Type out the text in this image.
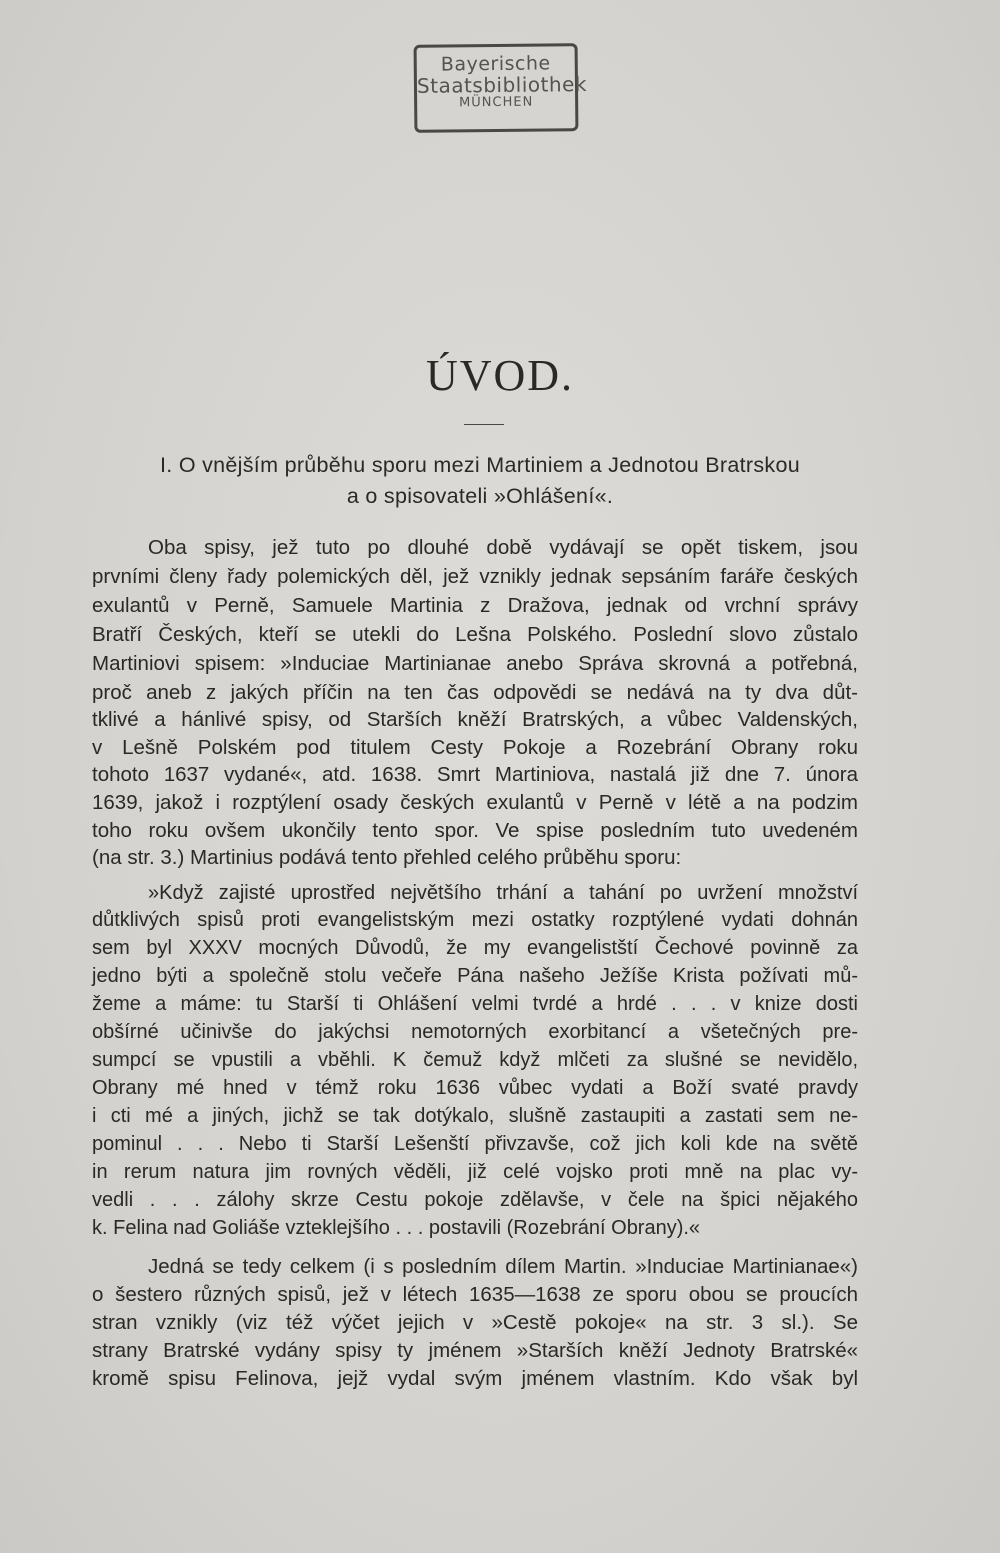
Bayerische
Staatsbibliothek
MÜNCHEN
ÚVOD.
I. O vnějším průběhu sporu mezi Martiniem a Jednotou Bratrskou
a o spisovateli »Ohlášení«.
Oba spisy, jež tuto po dlouhé době vydávají se opět tiskem, jsou
prvními členy řady polemických děl, jež vznikly jednak sepsáním faráře českých
exulantů v Perně, Samuele Martinia z Dražova, jednak od vrchní správy
Bratří Českých, kteří se utekli do Lešna Polského. Poslední slovo zůstalo
Martiniovi spisem: »Induciae Martinianae anebo Správa skrovná a potřebná,
proč aneb z jakých příčin na ten čas odpovědi se nedává na ty dva důt-
tklivé a hánlivé spisy, od Starších kněží Bratrských, a vůbec Valdenských,
v Lešně Polském pod titulem Cesty Pokoje a Rozebrání Obrany roku
tohoto 1637 vydané«, atd. 1638. Smrt Martiniova, nastalá již dne 7. února
1639, jakož i rozptýlení osady českých exulantů v Perně v létě a na podzim
toho roku ovšem ukončily tento spor. Ve spise posledním tuto uvedeném
(na str. 3.) Martinius podává tento přehled celého průběhu sporu:
»Když zajisté uprostřed největšího trhání a tahání po uvržení množství
důtklivých spisů proti evangelistským mezi ostatky rozptýlené vydati dohnán
sem byl XXXV mocných Důvodů, že my evangelistští Čechové povinně za
jedno býti a společně stolu večeře Pána našeho Ježíše Krista požívati mů-
žeme a máme: tu Starší ti Ohlášení velmi tvrdé a hrdé . . . v knize dosti
obšírné učinivše do jakýchsi nemotorných exorbitancí a všetečných pre-
sumpcí se vpustili a vběhli. K čemuž když mlčeti za slušné se nevidělo,
Obrany mé hned v témž roku 1636 vůbec vydati a Boží svaté pravdy
i cti mé a jiných, jichž se tak dotýkalo, slušně zastaupiti a zastati sem ne-
pominul . . . Nebo ti Starší Lešenští přivzavše, což jich koli kde na světě
in rerum natura jim rovných věděli, již celé vojsko proti mně na plac vy-
vedli . . . zálohy skrze Cestu pokoje zdělavše, v čele na špici nějakého
k. Felina nad Goliáše vzteklejšího . . . postavili (Rozebrání Obrany).«
Jedná se tedy celkem (i s posledním dílem Martin. »Induciae Martinianae«)
o šestero různých spisů, jež v létech 1635—1638 ze sporu obou se proucích
stran vznikly (viz též výčet jejich v »Cestě pokoje« na str. 3 sl.). Se
strany Bratrské vydány spisy ty jménem »Starších kněží Jednoty Bratrské«
kromě spisu Felinova, jejž vydal svým jménem vlastním. Kdo však byl
